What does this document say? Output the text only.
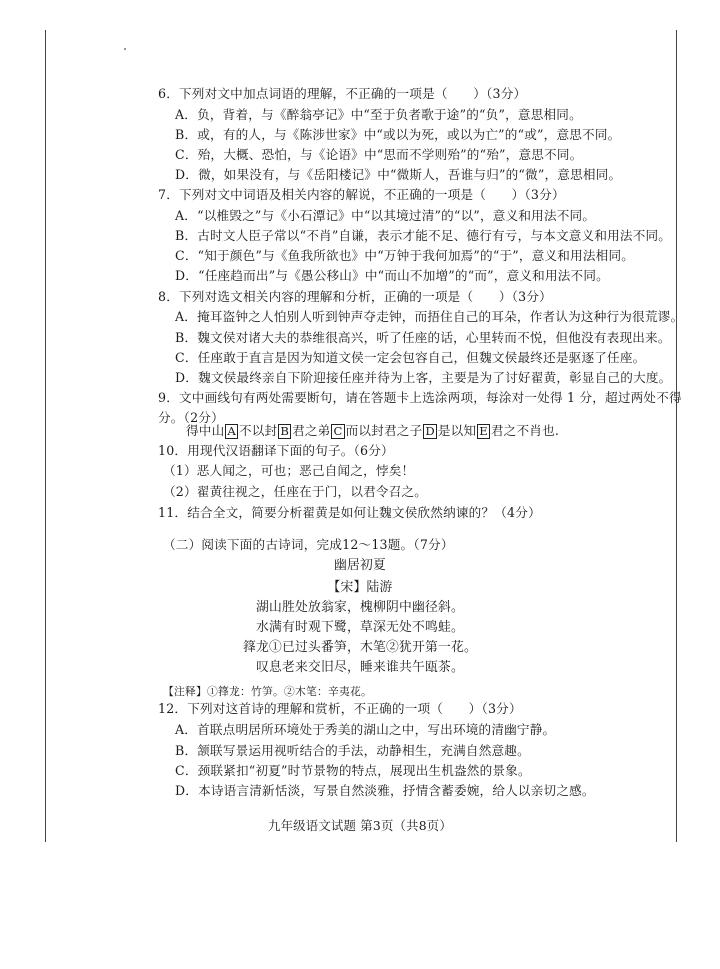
6．下列对文中加点词语的理解，不正确的一项是（　　）（3分）
A．负，背着，与《醉翁亭记》中“至于负者歌于途”的“负”，意思相同。
B．或，有的人，与《陈涉世家》中“或以为死，或以为亡”的“或”，意思不同。
C．殆，大概、恐怕，与《论语》中“思而不学则殆”的“殆”，意思不同。
D．微，如果没有，与《岳阳楼记》中“微斯人，吾谁与归”的“微”，意思相同。
7．下列对文中词语及相关内容的解说，不正确的一项是（　　）（3分）
A．“以椎毁之”与《小石潭记》中“以其境过清”的“以”，意义和用法不同。
B．古时文人臣子常以“不肖”自谦，表示才能不足、德行有亏，与本文意义和用法不同。
C．“知于颜色”与《鱼我所欲也》中“万钟于我何加焉”的“于”，意义和用法相同。
D．“任座趋而出”与《愚公移山》中“而山不加增”的“而”，意义和用法不同。
8．下列对选文相关内容的理解和分析，正确的一项是（　　）（3分）
A．掩耳盗钟之人怕别人听到钟声夺走钟，而捂住自己的耳朵，作者认为这种行为很荒谬。
B．魏文侯对诸大夫的恭维很高兴，听了任座的话，心里转而不悦，但他没有表现出来。
C．任座敢于直言是因为知道文侯一定会包容自己，但魏文侯最终还是驱逐了任座。
D．魏文侯最终亲自下阶迎接任座并待为上客，主要是为了讨好翟黄，彰显自己的大度。
9．文中画线句有两处需要断句，请在答题卡上选涂两项，每涂对一处得 1 分，超过两处不得
分。（2分）
得中山 A 不以封 B 君之弟 C 而以封君之子 D 是以知 E 君之不肖也.
10．用现代汉语翻译下面的句子。（6分）
（1）恶人闻之，可也；恶己自闻之，悖矣！
（2）翟黄往视之，任座在于门，以君令召之。
11．结合全文，简要分析翟黄是如何让魏文侯欣然纳谏的？（4分）
（二）阅读下面的古诗词，完成12～13题。（7分）
幽居初夏
【宋】陆游
湖山胜处放翁家，槐柳阴中幽径斜。
水满有时观下鹭，草深无处不鸣蛙。
箨龙①已过头番笋，木笔②犹开第一花。
叹息老来交旧尽，睡来谁共午瓯茶。
【注释】①箨龙：竹笋。②木笔：辛夷花。
12．下列对这首诗的理解和赏析，不正确的一项（　　）（3分）
A．首联点明居所环境处于秀美的湖山之中，写出环境的清幽宁静。
B．颔联写景运用视听结合的手法，动静相生，充满自然意趣。
C．颈联紧扣“初夏”时节景物的特点，展现出生机盎然的景象。
D．本诗语言清新恬淡，写景自然淡雅，抒情含蓄委婉，给人以亲切之感。
九年级语文试题 第3页（共8页）
